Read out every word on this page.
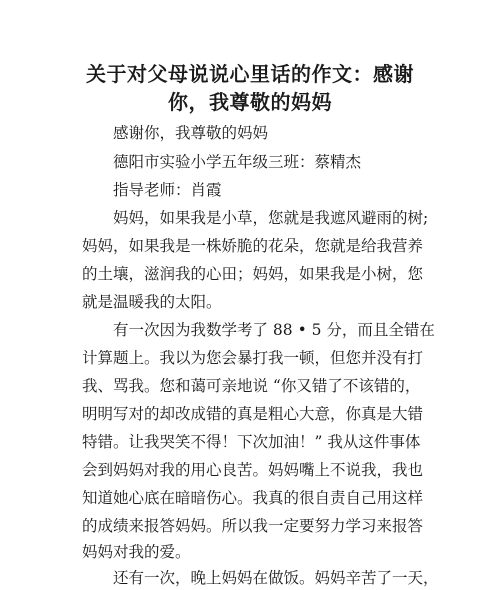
关于对父母说说心里话的作文：感谢
你，我尊敬的妈妈
感谢你，我尊敬的妈妈
德阳市实验小学五年级三班：蔡精杰
指导老师：肖霞
妈妈，如果我是小草，您就是我遮风避雨的树;
妈妈，如果我是一株娇脆的花朵，您就是给我营养
的土壤，滋润我的心田；妈妈，如果我是小树，您
就是温暖我的太阳。
有一次因为我数学考了 88 • 5 分，而且全错在
计算题上。我以为您会暴打我一顿，但您并没有打
我、骂我。您和蔼可亲地说 “你又错了不该错的，
明明写对的却改成错的真是粗心大意，你真是大错
特错。让我哭笑不得！下次加油！” 我从这件事体
会到妈妈对我的用心良苦。妈妈嘴上不说我，我也
知道她心底在暗暗伤心。我真的很自责自己用这样
的成绩来报答妈妈。所以我一定要努力学习来报答
妈妈对我的爱。
还有一次，晚上妈妈在做饭。妈妈辛苦了一天，
